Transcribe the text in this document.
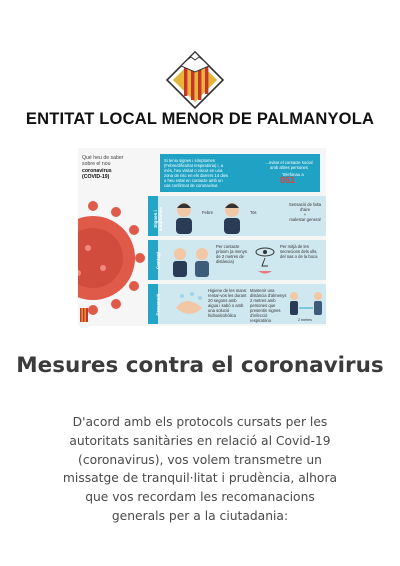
ENTITAT LOCAL MENOR DE PALMANYOLA
Què heu de saber
sobre el nou
coronavirus
(COVID-19)
Si teniu signes i símptomes (Febre/dificultat respiratòria) i, a més, heu visitat o viscut en una zona de risc en els darrers 14 dies o heu estat en contacte amb un cas confirmat de coronavirus
...evitar el contacte social amb altres persones
Telefonau a
061
Signes i símptomes	Febre	Tos
Sensació de falta d'aire
+
malestar general
Contagi
Per contacte pròxim (a menys de 2 metres de distància)
Per mitjà de les secrecions dels ulls, del nas o de la boca
Prevenció
Higiene de les mans: rentar-vos les durant 20 segons amb aigua i sabó o amb una solució hidroalcohòlica
Mantenir una distància d'almenys 2 metres amb persones que presentin signes d'infecció respiratòria	2 metres
Mesures contra el coronavirus
D'acord amb els protocols cursats per les autoritats sanitàries en relació al Covid-19 (coronavirus), vos volem transmetre un missatge de tranquil·litat i prudència, alhora que vos recordam les recomanacions generals per a la ciutadania:
